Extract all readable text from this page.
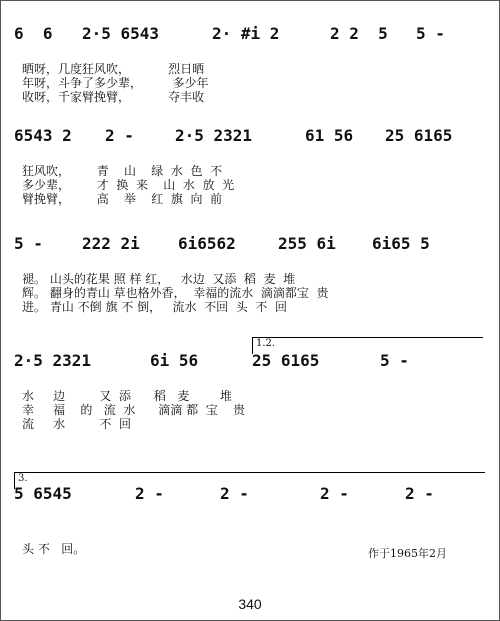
6  6 2·5 6543	2· #i 2	2 2  5 5 -
晒呀，几度狂风吹，          烈日晒
年呀，斗争了多少辈，        多少年
收呀，千家臂挽臂，          夺丰收
6543 2 2 -	2·5 2321	61 56 25 6165
狂风吹，       青    山    绿  水  色  不
多少辈，       才  换  来    山  水  放  光
臂挽臂，       高    举    红  旗  向  前
5 - 222 2i 6i6562	255 6i 6i65 5
褪。 山头的花果 照 样 红，   水边  又添  稻  麦  堆
辉。 翻身的青山 草也格外香，  幸福的流水  滴滴都宝  贵
进。 青山 不倒 旗 不 倒，   流水  不回  头  不  回
1.2.
2·5 2321	6i 56	25 6165	5 -
水     边         又  添      稻   麦        堆
幸     福    的   流  水      滴滴 都  宝    贵
流     水         不  回
3.
5 6545	2 -	2 -	2 -	2 -
头 不   回。	作于1965年2月
340
